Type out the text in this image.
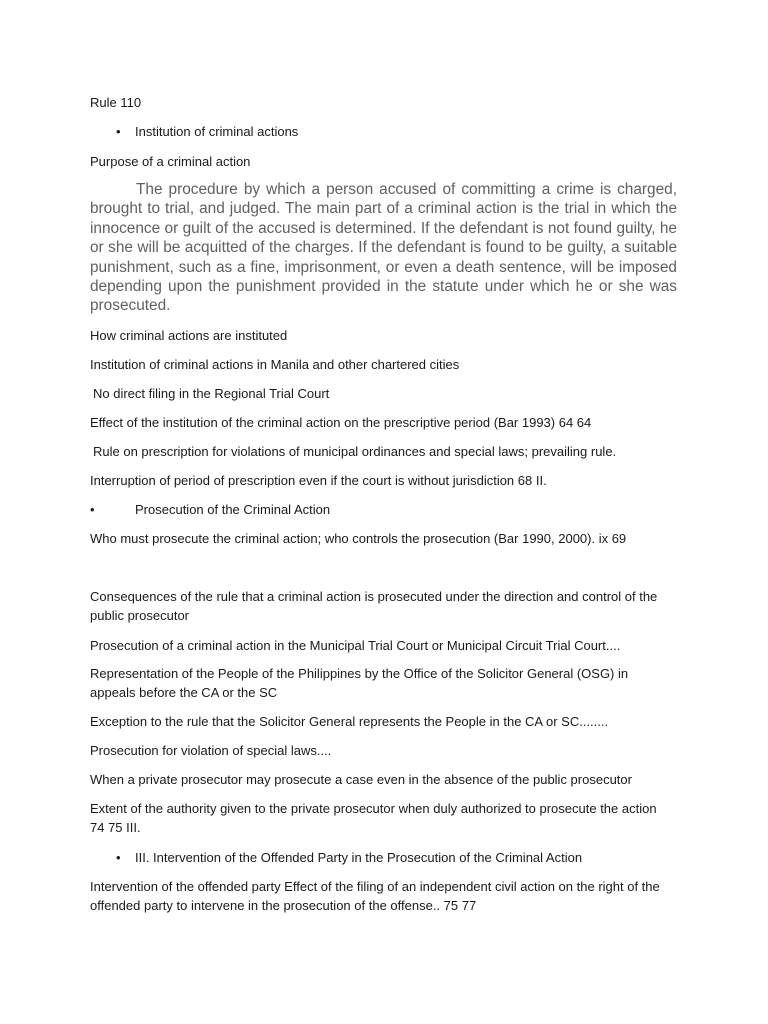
Rule 110
• Institution of criminal actions
Purpose of a criminal action
The procedure by which a person accused of committing a crime is charged, brought to trial, and judged. The main part of a criminal action is the trial in which the innocence or guilt of the accused is determined. If the defendant is not found guilty, he or she will be acquitted of the charges. If the defendant is found to be guilty, a suitable punishment, such as a fine, imprisonment, or even a death sentence, will be imposed depending upon the punishment provided in the statute under which he or she was prosecuted.
How criminal actions are instituted
Institution of criminal actions in Manila and other chartered cities
No direct filing in the Regional Trial Court
Effect of the institution of the criminal action on the prescriptive period (Bar 1993) 64 64
Rule on prescription for violations of municipal ordinances and special laws; prevailing rule.
Interruption of period of prescription even if the court is without jurisdiction 68 II.
•	Prosecution of the Criminal Action
Who must prosecute the criminal action; who controls the prosecution (Bar 1990, 2000). ix 69
Consequences of the rule that a criminal action is prosecuted under the direction and control of the public prosecutor
Prosecution of a criminal action in the Municipal Trial Court or Municipal Circuit Trial Court....
Representation of the People of the Philippines by the Office of the Solicitor General (OSG) in appeals before the CA or the SC
Exception to the rule that the Solicitor General represents the People in the CA or SC........
Prosecution for violation of special laws....
When a private prosecutor may prosecute a case even in the absence of the public prosecutor
Extent of the authority given to the private prosecutor when duly authorized to prosecute the action 74 75 III.
• III. Intervention of the Offended Party in the Prosecution of the Criminal Action
Intervention of the offended party Effect of the filing of an independent civil action on the right of the offended party to intervene in the prosecution of the offense.. 75 77
